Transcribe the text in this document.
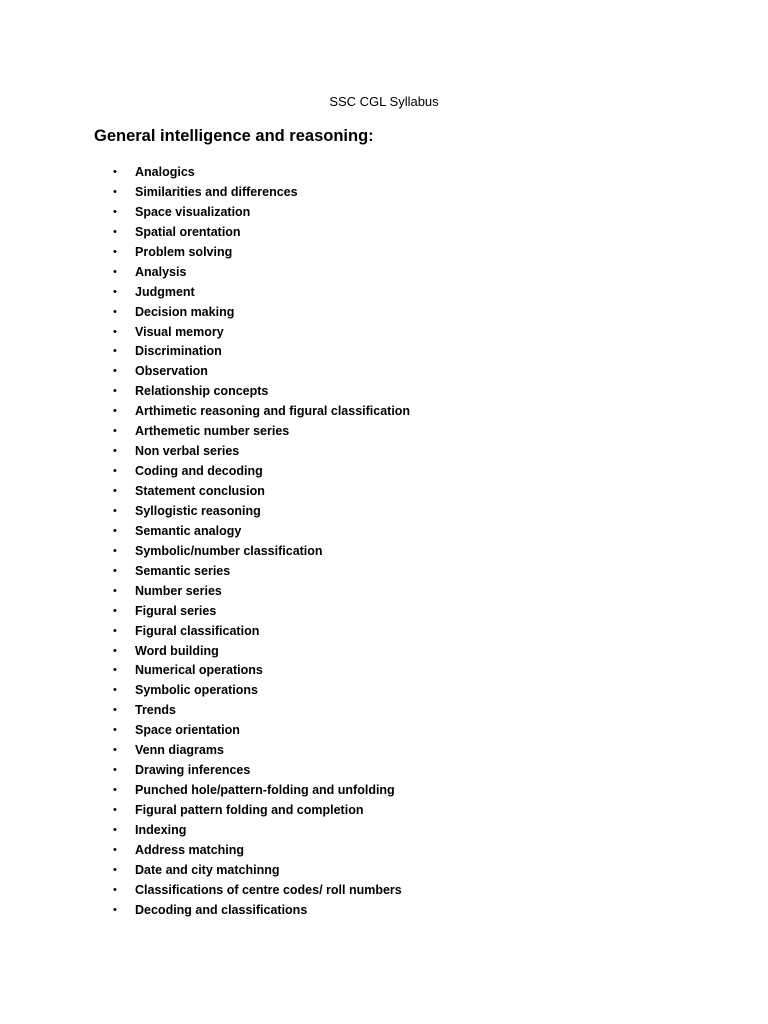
SSC CGL Syllabus
General intelligence and reasoning:
• Analogics
• Similarities and differences
• Space visualization
• Spatial orentation
• Problem solving
• Analysis
• Judgment
• Decision making
• Visual memory
• Discrimination
• Observation
• Relationship concepts
• Arthimetic reasoning and figural classification
• Arthemetic number series
• Non verbal series
• Coding and decoding
• Statement conclusion
• Syllogistic reasoning
• Semantic analogy
• Symbolic/number classification
• Semantic series
• Number series
• Figural series
• Figural classification
• Word building
• Numerical operations
• Symbolic operations
• Trends
• Space orientation
• Venn diagrams
• Drawing inferences
• Punched hole/pattern-folding and unfolding
• Figural pattern folding and completion
• Indexing
• Address matching
• Date and city matchinng
• Classifications of centre codes/ roll numbers
• Decoding and classifications
